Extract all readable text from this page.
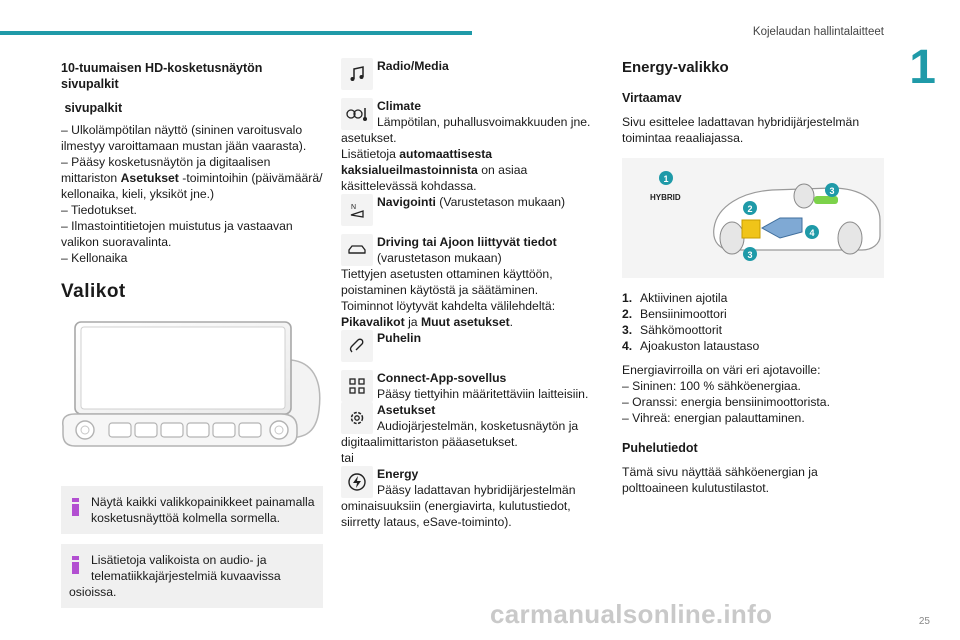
Kojelaudan hallintalaitteet
1
10-tuumaisen HD-kosketusnäytön
sivupalkit
sivupalkit
– Ulkolämpötilan näyttö (sininen varoitusvalo
ilmestyy varoittamaan mustan jään vaarasta).
– Pääsy kosketusnäytön ja digitaalisen
mittariston Asetukset -toimintoihin (päivämäärä/
kellonaika, kieli, yksiköt jne.)
– Tiedotukset.
– Ilmastointitietojen muistutus ja vastaavan
valikon suoravalinta.
– Kellonaika
Valikot
Näytä kaikki valikkopainikkeet painamalla
kosketusnäyttöä kolmella sormella.
Lisätietoja valikoista on audio- ja
telematiikkajärjestelmiä kuvaavissa
osioissa.
Radio/Media
Climate
Lämpötilan, puhallusvoimakkuuden jne.
asetukset.
Lisätietoja automaattisesta
kaksialueilmastoinnista on asiaa
käsittelevässä kohdassa.
N Navigointi (Varustetason mukaan)
Driving tai Ajoon liittyvät tiedot
(varustetason mukaan)
Tiettyjen asetusten ottaminen käyttöön,
poistaminen käytöstä ja säätäminen.
Toiminnot löytyvät kahdelta välilehdeltä:
Pikavalikot ja Muut asetukset.
Puhelin
Connect-App-sovellus
Pääsy tiettyihin määritettäviin laitteisiin.
Asetukset
Audiojärjestelmän, kosketusnäytön ja
digitaalimittariston pääasetukset.
tai
Energy
Pääsy ladattavan hybridijärjestelmän
ominaisuuksiin (energiavirta, kulutustiedot,
siirretty lataus, eSave-toiminto).
Energy-valikko
Virtaamav

Sivu esittelee ladattavan hybridijärjestelmän
toimintaa reaaliajassa.

1
HYBRID
2
3
4
3
1. Aktiivinen ajotila
2. Bensiinimoottori
3. Sähkömoottorit
4. Ajoakuston lataustaso

Energiavirroilla on väri eri ajotavoille:
– Sininen: 100 % sähköenergiaa.
– Oranssi: energia bensiinimoottorista.
– Vihreä: energian palauttaminen.

Puhelutiedot

Tämä sivu näyttää sähköenergian ja
polttoaineen kulutustilastot.

carmanualsonline.info	25
